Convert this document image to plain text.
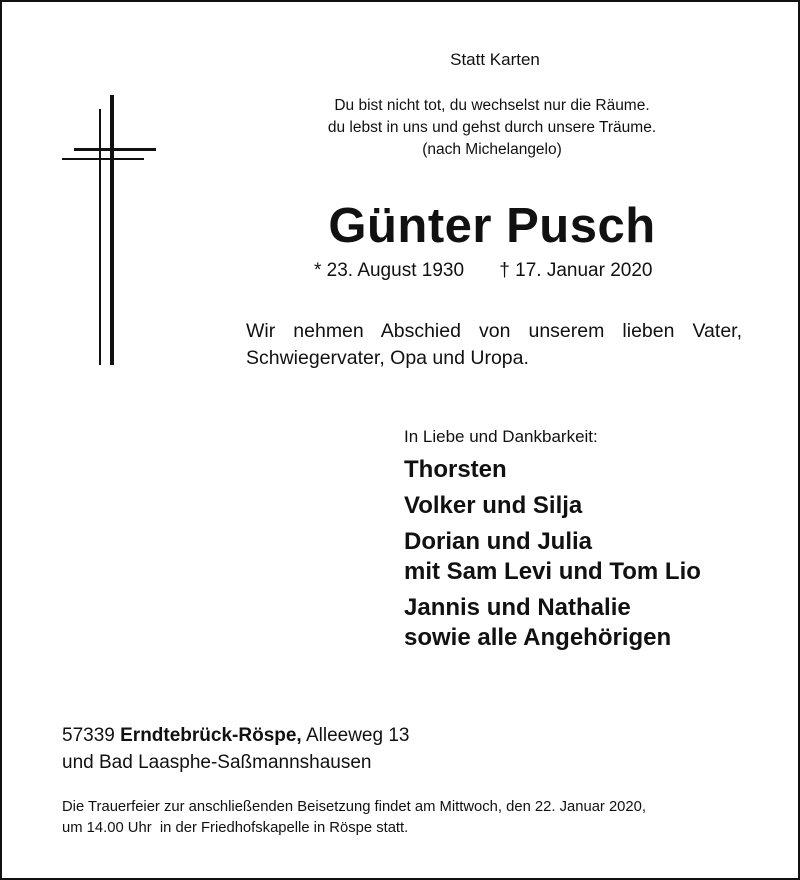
Statt Karten
Du bist nicht tot, du wechselst nur die Räume.
du lebst in uns und gehst durch unsere Träume.
(nach Michelangelo)
Günter Pusch
* 23. August 1930 † 17. Januar 2020
Wir nehmen Abschied von unserem lieben Vater, Schwiegervater, Opa und Uropa.
In Liebe und Dankbarkeit:
Thorsten
Volker und Silja
Dorian und Julia
mit Sam Levi und Tom Lio
Jannis und Nathalie
sowie alle Angehörigen
57339 Erndtebrück-Röspe, Alleeweg 13
und Bad Laasphe-Saßmannshausen
Die Trauerfeier zur anschließenden Beisetzung findet am Mittwoch, den 22. Januar 2020,
um 14.00 Uhr  in der Friedhofskapelle in Röspe statt.
